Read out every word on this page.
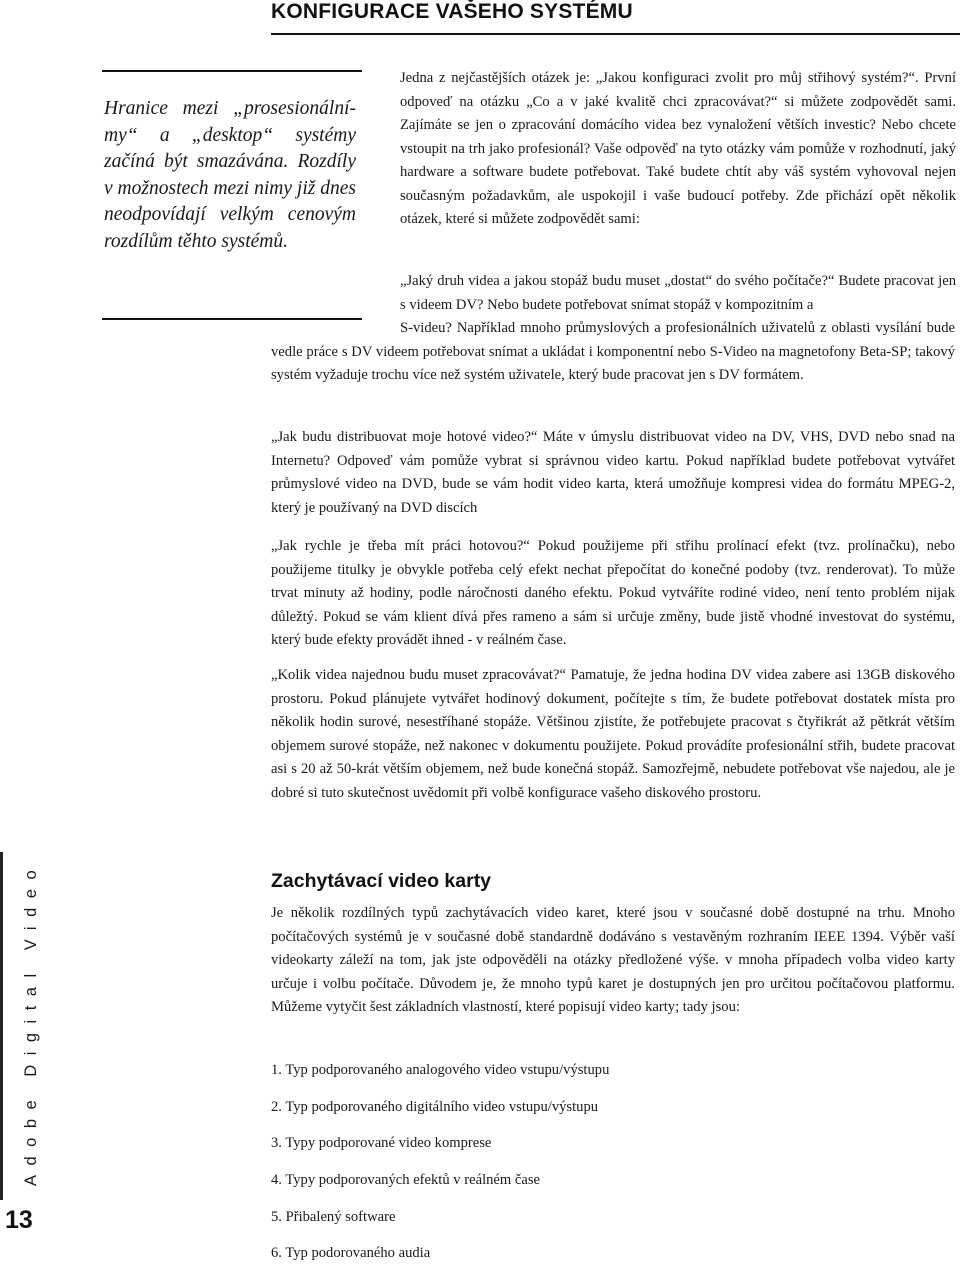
KONFIGURACE VAŠEHO SYSTÉMU
Hranice mezi „prosesionální-my“ a „desktop“ systémy začíná být smazávána. Rozdíly v možnostech mezi nimy již dnes neodpovídají velkým cenovým rozdílům těhto systémů.
Jedna z nejčastějších otázek je: „Jakou konfiguraci zvolit pro můj střihový systém?“. První odpoveď na otázku „Co a v jaké kvalitě chci zpracovávat?“ si můžete zodpovědět sami. Zajímáte se jen o zpracování domácího videa bez vynaložení větších investic? Nebo chcete vstoupit na trh jako profesionál? Vaše odpověď na tyto otázky vám pomůže v rozhodnutí, jaký hardware a software budete potřebovat. Také budete chtít aby váš systém vyhovoval nejen současným požadavkům, ale uspokojil i vaše budoucí potřeby. Zde přichází opět několik otázek, které si můžete zodpovědět sami:
„Jaký druh videa a jakou stopáž budu muset „dostat“ do svého počítače?“ Budete pracovat jen s videem DV? Nebo budete potřebovat snímat stopáž v kompozitním a
S-videu? Například mnoho průmyslových a profesionálních uživatelů z oblasti vysílání bude vedle práce s DV videem potřebovat snímat a ukládat i komponentní nebo S-Video na magnetofony Beta-SP; takový systém vyžaduje trochu více než systém uživatele, který bude pracovat jen s DV formátem.
„Jak budu distribuovat moje hotové video?“ Máte v úmyslu distribuovat video na DV, VHS, DVD nebo snad na Internetu? Odpoveď vám pomůže vybrat si správnou video kartu. Pokud například budete potřebovat vytvářet průmyslové video na DVD, bude se vám hodit video karta, která umožňuje kompresi videa do formátu MPEG-2, který je používaný na DVD discích
„Jak rychle je třeba mít práci hotovou?“ Pokud použijeme při střihu prolínací efekt (tvz. prolínačku), nebo použijeme titulky je obvykle potřeba celý efekt nechat přepočítat do konečné podoby (tvz. renderovat). To může trvat minuty až hodiny, podle náročnosti daného efektu. Pokud vytváříte rodiné video, není tento problém nijak důležtý. Pokud se vám klient dívá přes rameno a sám si určuje změny, bude jistě vhodné investovat do systému, který bude efekty provádět ihned - v reálném čase.
„Kolik videa najednou budu muset zpracovávat?“ Pamatuje, že jedna hodina DV videa zabere asi 13GB diskového prostoru. Pokud plánujete vytvářet hodinový dokument, počítejte s tím, že budete potřebovat dostatek místa pro několik hodin surové, nesestříhané stopáže. Většinou zjistíte, že potřebujete pracovat s čtyřikrát až pětkrát větším objemem surové stopáže, než nakonec v dokumentu použijete. Pokud provádíte profesionální střih, budete pracovat asi s 20 až 50-krát větším objemem, než bude konečná stopáž. Samozřejmě, nebudete potřebovat vše najedou, ale je dobré si tuto skutečnost uvědomit při volbě konfigurace vašeho diskového prostoru.
Zachytávací video karty
Je několik rozdílných typů zachytávacích video karet, které jsou v současné době dostupné na trhu. Mnoho počítačových systémů je v současné době standardně dodáváno s vestavěným rozhraním IEEE 1394. Výběr vaší videokarty záleží na tom, jak jste odpověděli na otázky předložené výše. v mnoha případech volba video karty určuje i volbu počítače. Důvodem je, že mnoho typů karet je dostupných jen pro určitou počítačovou platformu. Můžeme vytyčit šest základních vlastností, které popisují video karty; tady jsou:
1. Typ podporovaného analogového video vstupu/výstupu
2. Typ podporovaného digitálního video vstupu/výstupu
3. Typy podporované video komprese
4. Typy podporovaných efektů v reálném čase
5. Přibalený software
6. Typ podorovaného audia
Adobe Digital Video
13
